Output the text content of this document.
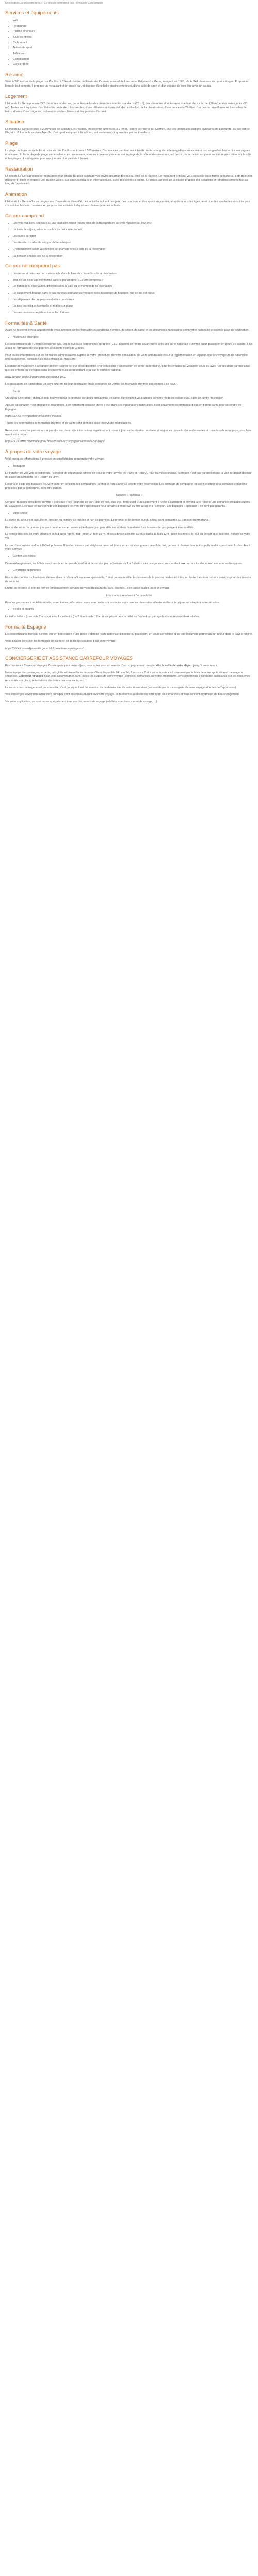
Description Ca prix comprenez ! Ce prix ne comprend pas Formalités Conciergerie
Services et équipements
• Wifi
• Restaurant
• Piscine extérieure
• Salle de fitness
• Club enfant
• Terrain de sport
• Télévision
• Climatisation
• Conciergerie
Résumé

Situé à 200 mètres de la plage Los Pocillos, à 2 km du centre de Puerto del Carmen, au nord de Lanzarote, l'Hipotels La Geria, inauguré en 1988, abrite 242 chambres sur quatre étages. Proposé en formule tout compris, il propose un restaurant et un snack bar, et dispose d'une belle piscine extérieure, d'une salle de sport et d'un espace de bien-être avec un sauna.

Logement

L'Hipotels La Geria propose 242 chambres modernes, parmi lesquelles des chambres doubles standards (26 m²), des chambres doubles avec vue latérale sur la mer (26 m²) et des suites junior (35 m²). Toutes sont équipées d'un lit double ou de deux lits simples, d'une télévision à écran plat, d'un coffre-fort, de la climatisation, d'une connexion Wi-Fi et d'un balcon privatif meublé. Les salles de bains, dotées d'une baignoire, incluent un sèche-cheveux et des produits d'accueil.

Situation

L'Hipotels La Geria se situe à 200 mètres de la plage Los Pocillos, en seconde ligne face, à 2 km du centre de Puerto del Carmen, une des principales stations balnéaires de Lanzarote, au sud est de l'île, et à 12 km de la capitale Arrecife. L'aéroport est quant à lui à 5 km, soit seulement cinq minutes par les transferts.

Plage

La plage publique de sable fin et noire de Los Pocillos se trouve à 200 mètres. Commencez par là et ses 4 km de sable le long de cette magnifique zone côtière tout en gardant leur accès aux vagues et à la mer. Enfin la plage de plage sur le sable et en promenade, vous en trouverez plusieurs sur la plage de la côte et des alentours, nul besoin de la choisir sur place en voiture pour découvrir la côte et les plages plus éloignées pour une journée plus paisible à la mer.

Restauration

L'Hipotels La Geria propose un restaurant et un snack bar pour satisfaire vos envies gourmandes tout au long de la journée. Le restaurant principal vous accueille sous forme de buffet au petit-déjeuner, déjeuner et dîner et propose une cuisine variée, aux saveurs locales et internationales, avec des soirées à thème. Le snack bar près de la piscine propose des collations et rafraîchissements tout au long de l'après-midi.

Animation

L'Hipotels La Geria offre un programme d'animations diversifié. Les activités incluent des jeux, des concours et des sports en journée, adaptés à tous les âges, ainsi que des spectacles en soirée pour vos soirées festives. Un mini-club propose des activités ludiques et créatives pour les enfants.

Ce prix comprend
• Les vols réguliers, spéciaux ou low-cost aller-retour (billets émis de la transportaire sur vols réguliers ou low-cost)
• La base de séjour, selon le nombre de nuits sélectionné
• Les taxes aéroport
• Les transferts collectifs aéroport-hôtel-aéroport
• L'hébergement selon la catégorie de chambre choisie lors de la réservation
• La pension choisie lors de la réservation
Ce prix ne comprend pas
• Les repas et boissons non mentionnés dans la formule choisie lors de la réservation
• Tout ce qui n'est pas mentionné dans le paragraphe « Le prix comprend »
• Le forfait de la réservation, différent selon la date ou le moment de la réservation
• Le supplément bagage dans le cas où vous souhaiteriez voyager avec davantage de bagages que ce qui est prévu
• Les dépenses d'ordre personnel et les pourboires
• La taxe touristique éventuelle et réglée sur place
• Les assurances complémentaires facultatives.
Formalités & Santé

Avant de réserver, il vous appartient de vous informer sur les formalités et conditions d'entrée, de séjour, de santé et les documents nécessaires selon votre nationalité et selon le pays de destination.

• Nationalité étrangère

Les ressortissants de l'Union européenne (UE) ou de l'Espace économique européen (EEE) peuvent se rendre à Lanzarote avec une carte nationale d'identité ou un passeport en cours de validité. Il n'y a pas de formalités de visa pour les séjours de moins de 3 mois.

Pour toutes informations sur les formalités administratives auprès de votre préfecture, de votre consulat ou de votre ambassade et sur la réglementation en vigueur pour les voyageurs de nationalité non européenne, consultez les sites officiels du ministère.

Les mineurs voyageant à l'étranger doivent justifier de leur pièce d'identité (voir conditions d'autorisation de sortie du territoire), pour les enfants qui voyagent seuls ou avec l'un des deux parents ainsi que les enfants qui voyagent sans les parents ou le représentant légal sur le territoire national.

www.service-public.fr/particuliers/vosdroits/F1922

Les passagers en transit dans un pays différent de leur destination finale sont priés de vérifier les formalités d'entrée spécifiques à ce pays.

• Santé

Un séjour à l'étranger implique pour tout voyageur de prendre certaines précautions de santé. Renseignez-vous auprès de votre médecin traitant et/ou dans un centre hospitalier.

Aucune vaccination n'est obligatoire, néanmoins il est fortement conseillé d'être à jour dans ses vaccinations habituelles. Il est également recommandé d'être en bonne santé pour se rendre en Espagne.

https://XXXX.www.pasteur.fr/fr/centre-medical

Toutes les informations de formalités d'entrée et de santé sont données sous réserve de modifications.

Retrouvez toutes les précautions à prendre sur place, des informations régulièrement mises à jour sur la situation sanitaire ainsi que les contacts des ambassades et consulats de votre pays, pour faire avant votre départ.

http://XXXX.www.diplomatie.gouv.fr/fr/conseils-aux-voyageurs/conseils-par-pays/

À propos de votre voyage

Voici quelques informations à prendre en considération concernant votre voyage.

• Transport

Le transfert de vos vols sélectionnés, l'aéroport de départ peut différer de celui de votre arrivée (ex : Orly et Roissy). Pour les vols spéciaux, l'aéroport n'est pas garanti lorsque la ville de départ dispose de plusieurs aéroports (ex : Roissy ou Orly).

Les prix et poids des bagages peuvent varier en fonction des compagnies, vérifiez le poids autorisé lors de votre réservation. Les animaux de compagnie peuvent accéder sous certaines conditions précisées par la compagnie, sans être garanti.

Bagages « spéciaux »

Certains bagages considérés comme « spéciaux » (ex : planche de surf, club de golf, skis, etc.) font l'objet d'un supplément à régler à l'aéroport et doivent faire l'objet d'une demande préalable auprès du voyagiste. Les frais de transport de ces bagages peuvent être spécifiques pour certains d'entre eux ou être à régler à l'aéroport. Les bagages « spéciaux » ne sont pas garantis.

• Votre séjour

La durée du séjour est calculée en fonction du nombre de nuitées et non de journées. Le premier et le dernier jour du séjour sont consacrés au transport international.

En cas de retour, le premier jour peut commencer en soirée et le dernier jour peut débuter tôt dans la matinée. Les horaires de vols peuvent être modifiés.

La remise des clés de votre chambre se fait dans l'après-midi (entre 14 h et 15 h), et vous devez la libérer au plus tard à 11 h ou 12 h (selon les hôtels) le jour du départ, quel que soit l'horaire de votre vol.

Le cas d'une arrivée tardive à l'hôtel, prévenez l'hôtel en avance par téléphone ou email (dans le cas où vous prenez un vol de nuit, pensez à réserver une nuit supplémentaire pour avoir la chambre à votre arrivée).

• Confort des hôtels

De manière générale, les hôtels sont classés en termes de confort et de service par un barème de 1 à 5 étoiles, ces catégories correspondent aux normes locales et non aux normes françaises.

• Conditions spécifiques

En cas de conditions climatiques défavorables ou d'une affluence exceptionnelle, l'hôtel pourra modifier les horaires de la piscine ou des activités, ou limiter l'accès à certains services pour des raisons de sécurité.

L'hôtel se réserve le droit de fermer temporairement certains services (restaurants, bars, piscines...) en basse saison ou pour travaux.

Informations relatives à l'accessibilité

Pour les personnes à mobilité réduite, avant toute confirmation, nous vous invitons à contacter notre service réservation afin de vérifier si le séjour est adapté à votre situation.

• Bébés et enfants

Le tarif « bébé » (moins de 2 ans) ou le tarif « enfant » (de 2 à moins de 12 ans) s'applique pour le bébé ou l'enfant qui partage la chambre avec deux adultes.

Formalité Espagne

Les ressortissants français doivent être en possession d'une pièce d'identité (carte nationale d'identité ou passeport) en cours de validité et de tout document permettant un retour dans le pays d'origine.

Vous pouvez consulter les formalités de santé et de police nécessaires pour votre voyage :

https://XXXX.www.diplomatie.gouv.fr/fr/conseils-aux-voyageurs/

CONCIERGERIE ET ASSISTANCE CARREFOUR VOYAGES

En choisissant Carrefour Voyages Conciergerie pour votre séjour, vous optez pour un service d'accompagnement complet dès la veille de votre départ jusqu'à votre retour.

Notre équipe de concierges, experte, polyglotte et bienveillante de notre Client disponible 24h sur 24, 7 jours sur 7 et à votre écoute exclusivement par le biais de notre application et messagerie sécurisée. Carrefour Voyages pour vous accompagner dans toutes les étapes de votre voyage : conseils, demandes sur votre programme, renseignements à connaître, assistance sur les problèmes rencontrés sur place, réservations d'activités ou restaurants, etc.

Le service de conciergerie est personnalisé, c'est pourquoi il est fait mention de ce dernier lors de votre réservation (accessible par la messagerie de votre voyage et le lien de l'application).

Vos concierges deviennent ainsi votre principal point de contact durant tout votre voyage, ils facilitent et réalisent en votre nom les démarches et vous tiennent informé(e) de tout changement.

Via votre application, vous retrouverez également tous vos documents de voyage (e-billets, vouchers, carnet de voyage, ...).
